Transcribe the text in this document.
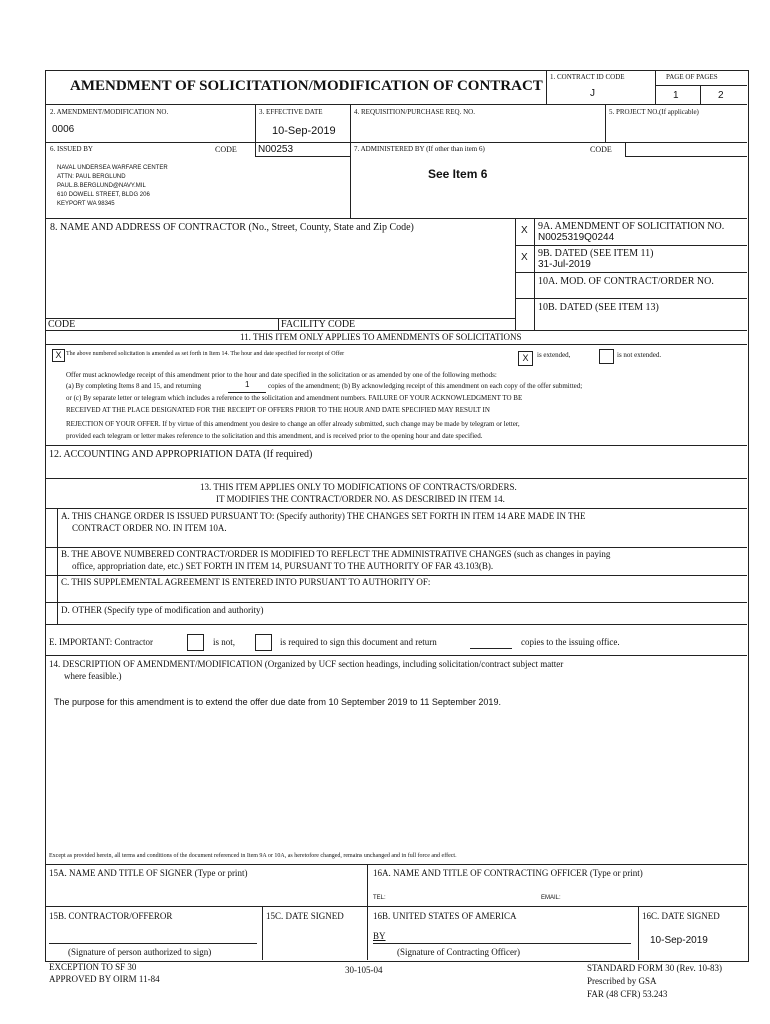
AMENDMENT OF SOLICITATION/MODIFICATION OF CONTRACT
1. CONTRACT ID CODE
J
PAGE OF PAGES
1	2
2. AMENDMENT/MODIFICATION NO.
0006
3. EFFECTIVE DATE
10-Sep-2019
4. REQUISITION/PURCHASE REQ. NO.	5. PROJECT NO.(If applicable)
6. ISSUED BY	CODE N00253	7. ADMINISTERED BY (If other than item 6)	CODE
NAVAL UNDERSEA WARFARE CENTER
ATTN: PAUL BERGLUND
PAUL.B.BERGLUND@NAVY.MIL
610 DOWELL STREET, BLDG 206
KEYPORT WA 98345
See Item 6
8. NAME AND ADDRESS OF CONTRACTOR (No., Street, County, State and Zip Code)	X 9A. AMENDMENT OF SOLICITATION NO.
N0025319Q0244
X 9B. DATED (SEE ITEM 11)
31-Jul-2019
10A. MOD. OF CONTRACT/ORDER NO.
10B. DATED (SEE ITEM 13)
CODE	FACILITY CODE
11. THIS ITEM ONLY APPLIES TO AMENDMENTS OF SOLICITATIONS
X The above numbered solicitation is amended as set forth in Item 14. The hour and date specified for receipt of Offer	X	is extended,	is not extended.
Offer must acknowledge receipt of this amendment prior to the hour and date specified in the solicitation or as amended by one of the following methods:
(a) By completing Items 8 and 15, and returning	1	copies of the amendment; (b) By acknowledging receipt of this amendment on each copy of the offer submitted;
or (c) By separate letter or telegram which includes a reference to the solicitation and amendment numbers. FAILURE OF YOUR ACKNOWLEDGMENT TO BE
RECEIVED AT THE PLACE DESIGNATED FOR THE RECEIPT OF OFFERS PRIOR TO THE HOUR AND DATE SPECIFIED MAY RESULT IN
REJECTION OF YOUR OFFER. If by virtue of this amendment you desire to change an offer already submitted, such change may be made by telegram or letter,
provided each telegram or letter makes reference to the solicitation and this amendment, and is received prior to the opening hour and date specified.
12. ACCOUNTING AND APPROPRIATION DATA (If required)
13. THIS ITEM APPLIES ONLY TO MODIFICATIONS OF CONTRACTS/ORDERS.
IT MODIFIES THE CONTRACT/ORDER NO. AS DESCRIBED IN ITEM 14.
A. THIS CHANGE ORDER IS ISSUED PURSUANT TO: (Specify authority) THE CHANGES SET FORTH IN ITEM 14 ARE MADE IN THE
CONTRACT ORDER NO. IN ITEM 10A.
B. THE ABOVE NUMBERED CONTRACT/ORDER IS MODIFIED TO REFLECT THE ADMINISTRATIVE CHANGES (such as changes in paying
office, appropriation date, etc.) SET FORTH IN ITEM 14, PURSUANT TO THE AUTHORITY OF FAR 43.103(B).
C. THIS SUPPLEMENTAL AGREEMENT IS ENTERED INTO PURSUANT TO AUTHORITY OF:
D. OTHER (Specify type of modification and authority)
E. IMPORTANT: Contractor	is not,	is required to sign this document and return	copies to the issuing office.
14. DESCRIPTION OF AMENDMENT/MODIFICATION (Organized by UCF section headings, including solicitation/contract subject matter
where feasible.)
The purpose for this amendment is to extend the offer due date from 10 September 2019 to 11 September 2019.
Except as provided herein, all terms and conditions of the document referenced in Item 9A or 10A, as heretofore changed, remains unchanged and in full force and effect.
15A. NAME AND TITLE OF SIGNER (Type or print)	16A. NAME AND TITLE OF CONTRACTING OFFICER (Type or print)
TEL:	EMAIL:
15B. CONTRACTOR/OFFEROR	15C. DATE SIGNED	16B. UNITED STATES OF AMERICA	16C. DATE SIGNED
(Signature of person authorized to sign)
BY
(Signature of Contracting Officer)
10-Sep-2019
EXCEPTION TO SF 30
APPROVED BY OIRM 11-84
30-105-04	STANDARD FORM 30 (Rev. 10-83)
Prescribed by GSA
FAR (48 CFR) 53.243
